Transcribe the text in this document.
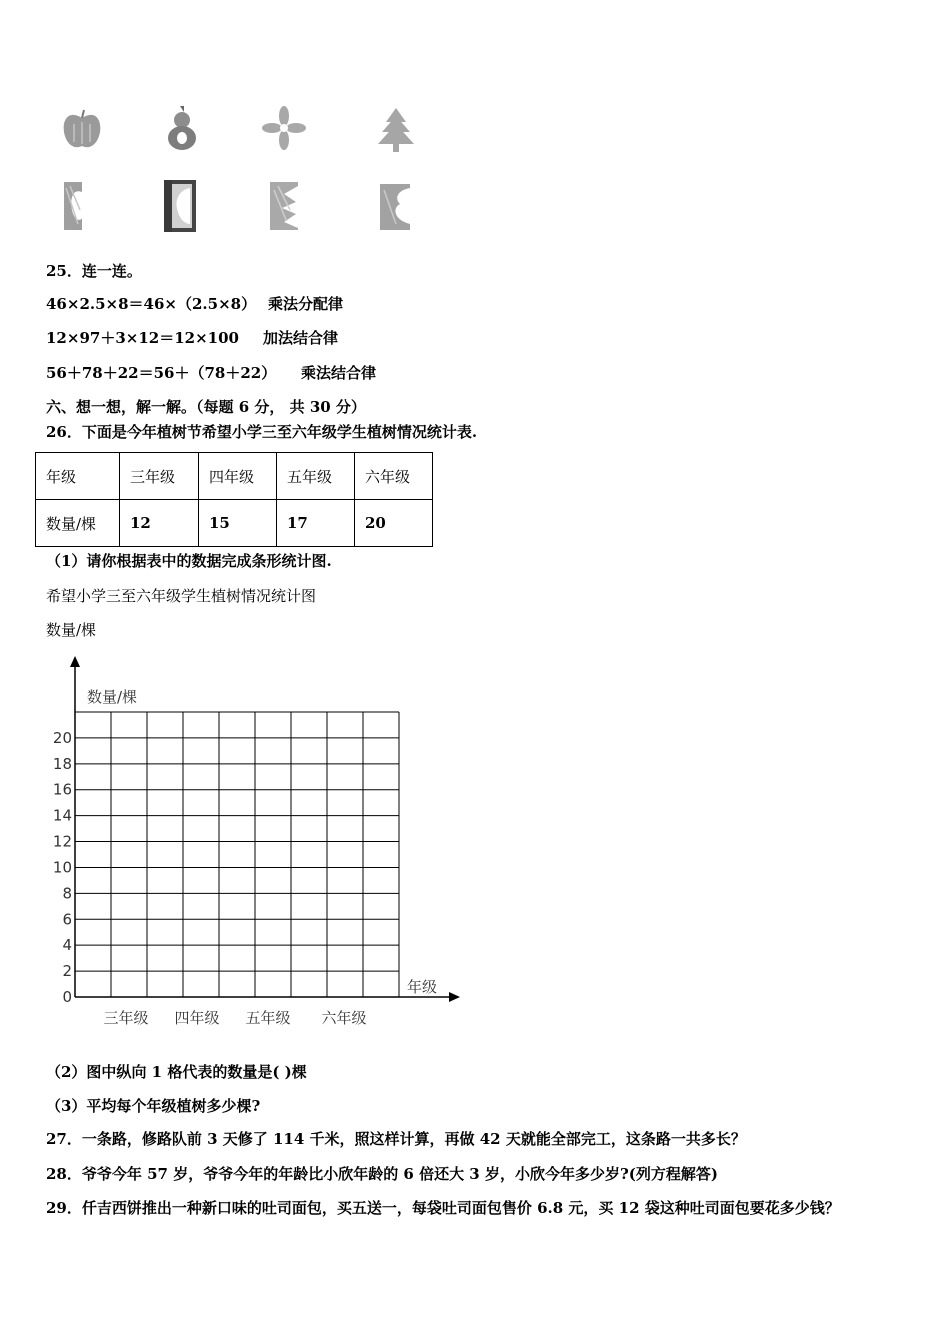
25．连一连。
46×2.5×8＝46×（2.5×8） 乘法分配律
12×97＋3×12＝12×100 加法结合律
56＋78＋22＝56＋（78＋22） 乘法结合律
六、想一想，解一解。（每题 6 分， 共 30 分）
26．下面是今年植树节希望小学三至六年级学生植树情况统计表.
年级	三年级	四年级	五年级	六年级
数量/棵	12	15	17	20
（1）请你根据表中的数据完成条形统计图.
希望小学三至六年级学生植树情况统计图
数量/棵
数量/棵
年级
0
2
4
6
8
10
12
14
16
18
20
三年级 四年级 五年级 六年级
（2）图中纵向 1 格代表的数量是( )棵
（3）平均每个年级植树多少棵?
27．一条路，修路队前 3 天修了 114 千米，照这样计算，再做 42 天就能全部完工，这条路一共多长？
28．爷爷今年 57 岁，爷爷今年的年龄比小欣年龄的 6 倍还大 3 岁，小欣今年多少岁?(列方程解答)
29．仟吉西饼推出一种新口味的吐司面包，买五送一，每袋吐司面包售价 6.8 元，买 12 袋这种吐司面包要花多少钱？
